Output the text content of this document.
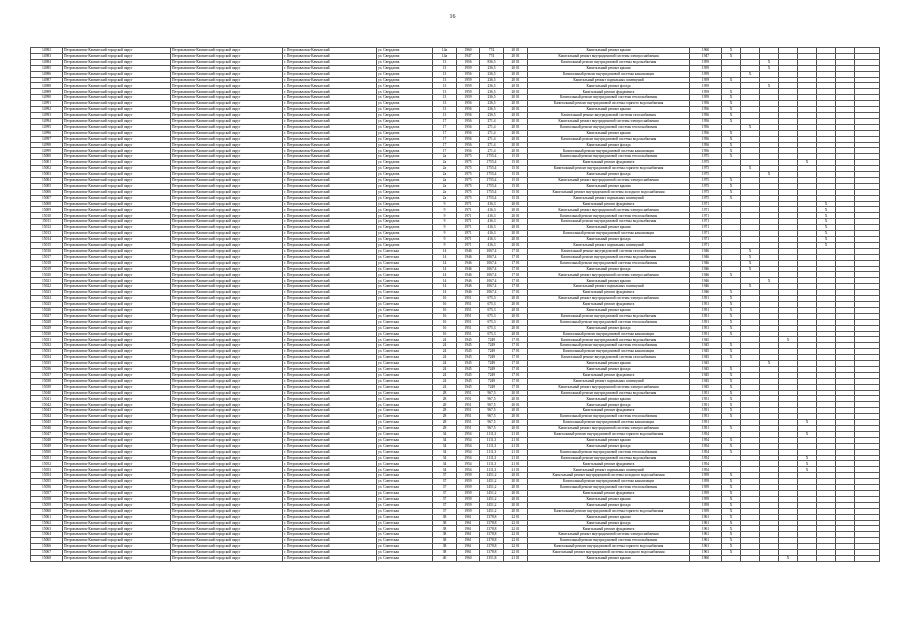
16
14982	Петропавловск-Камчатский городской округ	Петропавловск-Камчатский городской округ	г. Петропавловск-Камчатский	ул. Свердлова	14а	1960	774	20 01	Капитальный ремонт крыши	1960	X							
14983	Петропавловск-Камчатский городской округ	Петропавловск-Камчатский городской округ	г. Петропавловск-Камчатский	ул. Свердлова	14а	1947	774	20 01	Капитальный ремонт внутридомовой системы электроснабжения	1947	X							
14984	Петропавловск-Камчатский городской округ	Петропавловск-Камчатский городской округ	г. Петропавловск-Камчатский	ул. Свердлова	13	1956	836,5	20 01	Капитальный ремонт внутридомовой системы водоснабжения	1959			X					
14985	Петропавловск-Камчатский городской округ	Петропавловск-Камчатский городской округ	г. Петропавловск-Камчатский	ул. Свердлова	13	1959	236,5	20 01	Капитальный ремонт крыши	1959			X					
14986	Петропавловск-Камчатский городской округ	Петропавловск-Камчатский городской округ	г. Петропавловск-Камчатский	ул. Свердлова	13	1956	236,5	20 01	Капитальный ремонт внутридомовой системы канализации	1959		X						
14987	Петропавловск-Камчатский городской округ	Петропавловск-Камчатский городской округ	г. Петропавловск-Камчатский	ул. Свердлова	13	1959	236,5	20 01	Капитальный ремонт подвальных помещений	1959	X							
14988	Петропавловск-Камчатский городской округ	Петропавловск-Камчатский городской округ	г. Петропавловск-Камчатский	ул. Свердлова	13	1959	236,5	20 01	Капитальный ремонт фасада	1959			X					
14989	Петропавловск-Камчатский городской округ	Петропавловск-Камчатский городской округ	г. Петропавловск-Камчатский	ул. Свердлова	13	1959	236,5	20 01	Капитальный ремонт фундамента	1959	X							
14990	Петропавловск-Камчатский городской округ	Петропавловск-Камчатский городской округ	г. Петропавловск-Камчатский	ул. Свердлова	13	1959	236,5	20 01	Капитальный ремонт внутридомовой системы теплоснабжения	1959	X							
14991	Петропавловск-Камчатский городской округ	Петропавловск-Камчатский городской округ	г. Петропавловск-Камчатский	ул. Свердлова	13	1956	236,5	20 01	Капитальный ремонт внутридомовой системы горячего водоснабжения	1956	X							
14992	Петропавловск-Камчатский городской округ	Петропавловск-Камчатский городской округ	г. Петропавловск-Камчатский	ул. Свердлова	13	1956	236,5	20 01	Капитальный ремонт крыши	1956	X							
14993	Петропавловск-Камчатский городской округ	Петропавловск-Камчатский городской округ	г. Петропавловск-Камчатский	ул. Свердлова	13	1956	236,5	20 01	Капитальный ремонт внутридомовой системы газоснабжения	1956	X							
14994	Петропавловск-Камчатский городской округ	Петропавловск-Камчатский городской округ	г. Петропавловск-Камчатский	ул. Свердлова	17	1956	271,4	20 01	Капитальный ремонт внутридомовой системы электроснабжения	1956	X							
14995	Петропавловск-Камчатский городской округ	Петропавловск-Камчатский городской округ	г. Петропавловск-Камчатский	ул. Свердлова	17	1956	271,4	20 01	Капитальный ремонт внутридомовой системы теплоснабжения	1956		X						
14996	Петропавловск-Камчатский городской округ	Петропавловск-Камчатский городской округ	г. Петропавловск-Камчатский	ул. Свердлова	17	1956	271,4	20 01	Капитальный ремонт крыши	1956	X							
14997	Петропавловск-Камчатский городской округ	Петропавловск-Камчатский городской округ	г. Петропавловск-Камчатский	ул. Свердлова	17	1956	271,4	20 01	Капитальный ремонт внутридомовой системы водоснабжения	1956	X							
14998	Петропавловск-Камчатский городской округ	Петропавловск-Камчатский городской округ	г. Петропавловск-Камчатский	ул. Свердлова	17	1956	271,4	20 01	Капитальный ремонт фасада	1956	X							
14999	Петропавловск-Камчатский городской округ	Петропавловск-Камчатский городской округ	г. Петропавловск-Камчатский	ул. Свердлова	17	1956	271,4	20 01	Капитальный ремонт внутридомовой системы канализации	1956	X							
15000	Петропавловск-Камчатский городской округ	Петропавловск-Камчатский городской округ	г. Петропавловск-Камчатский	ул. Свердлова	2а	1975	1755,4	15 01	Капитальный ремонт внутридомовой системы теплоснабжения	1975	X							
15001	Петропавловск-Камчатский городской округ	Петропавловск-Камчатский городской округ	г. Петропавловск-Камчатский	ул. Свердлова	2а	1975	1755,4	15 01	Капитальный ремонт фундамента	1975					X			
15002	Петропавловск-Камчатский городской округ	Петропавловск-Камчатский городской округ	г. Петропавловск-Камчатский	ул. Свердлова	2а	1975	1755,4	15 01	Капитальный ремонт внутридомовой системы горячего водоснабжения	1975		X						
15003	Петропавловск-Камчатский городской округ	Петропавловск-Камчатский городской округ	г. Петропавловск-Камчатский	ул. Свердлова	2а	1975	1755,4	15 01	Капитальный ремонт фасада	1975			X					
15004	Петропавловск-Камчатский городской округ	Петропавловск-Камчатский городской округ	г. Петропавловск-Камчатский	ул. Свердлова	2а	1975	1755,4	15 01	Капитальный ремонт внутридомовой системы электроснабжения	1975	X							
15005	Петропавловск-Камчатский городской округ	Петропавловск-Камчатский городской округ	г. Петропавловск-Камчатский	ул. Свердлова	2а	1975	1755,4	15 01	Капитальный ремонт крыши	1975	X							
15006	Петропавловск-Камчатский городской округ	Петропавловск-Камчатский городской округ	г. Петропавловск-Камчатский	ул. Свердлова	2а	1975	1755,4	15 01	Капитальный ремонт внутридомовой системы холодного водоснабжения	1975	X							
15007	Петропавловск-Камчатский городской округ	Петропавловск-Камчатский городской округ	г. Петропавловск-Камчатский	ул. Свердлова	2а	1975	1755,4	15 01	Капитальный ремонт подвальных помещений	1975	X							
15008	Петропавловск-Камчатский городской округ	Петропавловск-Камчатский городской округ	г. Петропавловск-Камчатский	ул. Свердлова	9	1971	416,3	20 01	Капитальный ремонт фундамента	1971						X		
15009	Петропавловск-Камчатский городской округ	Петропавловск-Камчатский городской округ	г. Петропавловск-Камчатский	ул. Свердлова	9	1971	416,3	20 01	Капитальный ремонт внутридомовой системы электроснабжения	1971						X		
15010	Петропавловск-Камчатский городской округ	Петропавловск-Камчатский городской округ	г. Петропавловск-Камчатский	ул. Свердлова	9	1971	416,3	20 01	Капитальный ремонт внутридомовой системы теплоснабжения	1971						X		
15011	Петропавловск-Камчатский городской округ	Петропавловск-Камчатский городской округ	г. Петропавловск-Камчатский	ул. Свердлова	9	1971	416,3	20 01	Капитальный ремонт внутридомовой системы водоснабжения	1971						X		
15012	Петропавловск-Камчатский городской округ	Петропавловск-Камчатский городской округ	г. Петропавловск-Камчатский	ул. Свердлова	9	1971	416,3	20 01	Капитальный ремонт крыши	1971						X		
15013	Петропавловск-Камчатский городской округ	Петропавловск-Камчатский городской округ	г. Петропавловск-Камчатский	ул. Свердлова	9	1971	416,3	20 01	Капитальный ремонт внутридомовой системы канализации	1971						X		
15014	Петропавловск-Камчатский городской округ	Петропавловск-Камчатский городской округ	г. Петропавловск-Камчатский	ул. Свердлова	9	1971	416,3	20 01	Капитальный ремонт фасада	1971						X		
15015	Петропавловск-Камчатский городской округ	Петропавловск-Камчатский городской округ	г. Петропавловск-Камчатский	ул. Свердлова	9	1971	416,3	20 01	Капитальный ремонт подвальных помещений	1971						X		
15016	Петропавловск-Камчатский городской округ	Петропавловск-Камчатский городской округ	г. Петропавловск-Камчатский	ул. Советская	14	1946	1067,4	17 01	Капитальный ремонт внутридомовой системы газоснабжения	1946		X						
15017	Петропавловск-Камчатский городской округ	Петропавловск-Камчатский городской округ	г. Петропавловск-Камчатский	ул. Советская	14	1946	1067,4	17 01	Капитальный ремонт внутридомовой системы водоснабжения	1946		X						
15018	Петропавловск-Камчатский городской округ	Петропавловск-Камчатский городской округ	г. Петропавловск-Камчатский	ул. Советская	14	1946	1067,4	17 01	Капитальный ремонт внутридомовой системы теплоснабжения	1946		X						
15019	Петропавловск-Камчатский городской округ	Петропавловск-Камчатский городской округ	г. Петропавловск-Камчатский	ул. Советская	14	1946	1067,4	17 01	Капитальный ремонт фасада	1946		X						
15020	Петропавловск-Камчатский городской округ	Петропавловск-Камчатский городской округ	г. Петропавловск-Камчатский	ул. Советская	14	1946	1067,4	17 01	Капитальный ремонт внутридомовой системы электроснабжения	1946	X							
15021	Петропавловск-Камчатский городской округ	Петропавловск-Камчатский городской округ	г. Петропавловск-Камчатский	ул. Советская	14	1946	1067,4	17 01	Капитальный ремонт крыши	1946			X					
15022	Петропавловск-Камчатский городской округ	Петропавловск-Камчатский городской округ	г. Петропавловск-Камчатский	ул. Советская	14	1946	1067,4	17 01	Капитальный ремонт подвальных помещений	1946		X						
15023	Петропавловск-Камчатский городской округ	Петропавловск-Камчатский городской округ	г. Петропавловск-Камчатский	ул. Советская	14	1946	1067,4	17 01	Капитальный ремонт фундамента	1946	X							
15024	Петропавловск-Камчатский городской округ	Петропавловск-Камчатский городской округ	г. Петропавловск-Камчатский	ул. Советская	16	1951	675,3	20 01	Капитальный ремонт внутридомовой системы электроснабжения	1951	X							
15025	Петропавловск-Камчатский городской округ	Петропавловск-Камчатский городской округ	г. Петропавловск-Камчатский	ул. Советская	16	1951	675,3	20 01	Капитальный ремонт фундамента	1951	X							
15026	Петропавловск-Камчатский городской округ	Петропавловск-Камчатский городской округ	г. Петропавловск-Камчатский	ул. Советская	16	1951	675,3	20 01	Капитальный ремонт крыши	1951	X							
15027	Петропавловск-Камчатский городской округ	Петропавловск-Камчатский городской округ	г. Петропавловск-Камчатский	ул. Советская	16	1951	675,3	20 01	Капитальный ремонт внутридомовой системы водоснабжения	1951	X							
15028	Петропавловск-Камчатский городской округ	Петропавловск-Камчатский городской округ	г. Петропавловск-Камчатский	ул. Советская	16	1951	675,3	20 01	Капитальный ремонт внутридомовой системы теплоснабжения	1951	X							
15029	Петропавловск-Камчатский городской округ	Петропавловск-Камчатский городской округ	г. Петропавловск-Камчатский	ул. Советская	16	1951	675,3	20 01	Капитальный ремонт фасада	1951	X							
15030	Петропавловск-Камчатский городской округ	Петропавловск-Камчатский городской округ	г. Петропавловск-Камчатский	ул. Советская	16	1951	675,3	20 01	Капитальный ремонт внутридомовой системы канализации	1951	X							
15031	Петропавловск-Камчатский городской округ	Петропавловск-Камчатский городской округ	г. Петропавловск-Камчатский	ул. Советская	24	1945	7249	17 01	Капитальный ремонт внутридомовой системы водоснабжения	1945				X				
15032	Петропавловск-Камчатский городской округ	Петропавловск-Камчатский городской округ	г. Петропавловск-Камчатский	ул. Советская	24	1945	7249	17 01	Капитальный ремонт внутридомовой системы теплоснабжения	1945	X							
15033	Петропавловск-Камчатский городской округ	Петропавловск-Камчатский городской округ	г. Петропавловск-Камчатский	ул. Советская	24	1945	7249	17 01	Капитальный ремонт внутридомовой системы канализации	1945	X							
15034	Петропавловск-Камчатский городской округ	Петропавловск-Камчатский городской округ	г. Петропавловск-Камчатский	ул. Советская	24	1945	7249	17 01	Капитальный ремонт внутридомовой системы газоснабжения	1945	X							
15035	Петропавловск-Камчатский городской округ	Петропавловск-Камчатский городской округ	г. Петропавловск-Камчатский	ул. Советская	24	1945	7249	17 01	Капитальный ремонт крыши	1945			X					
15036	Петропавловск-Камчатский городской округ	Петропавловск-Камчатский городской округ	г. Петропавловск-Камчатский	ул. Советская	24	1945	7249	17 01	Капитальный ремонт фасада	1945	X							
15037	Петропавловск-Камчатский городской округ	Петропавловск-Камчатский городской округ	г. Петропавловск-Камчатский	ул. Советская	24	1945	7249	17 01	Капитальный ремонт фундамента	1945	X							
15038	Петропавловск-Камчатский городской округ	Петропавловск-Камчатский городской округ	г. Петропавловск-Камчатский	ул. Советская	24	1945	7249	17 01	Капитальный ремонт подвальных помещений	1945	X							
15039	Петропавловск-Камчатский городской округ	Петропавловск-Камчатский городской округ	г. Петропавловск-Камчатский	ул. Советская	24	1945	7249	17 01	Капитальный ремонт внутридомовой системы электроснабжения	1945	X							
15040	Петропавловск-Камчатский городской округ	Петропавловск-Камчатский городской округ	г. Петропавловск-Камчатский	ул. Советская	28	1951	967,5	20 01	Капитальный ремонт внутридомовой системы водоснабжения	1951	X							
15041	Петропавловск-Камчатский городской округ	Петропавловск-Камчатский городской округ	г. Петропавловск-Камчатский	ул. Советская	28	1951	967,5	20 01	Капитальный ремонт крыши	1951	X							
15042	Петропавловск-Камчатский городской округ	Петропавловск-Камчатский городской округ	г. Петропавловск-Камчатский	ул. Советская	28	1951	967,5	20 01	Капитальный ремонт фасада	1951	X							
15043	Петропавловск-Камчатский городской округ	Петропавловск-Камчатский городской округ	г. Петропавловск-Камчатский	ул. Советская	28	1951	967,5	20 01	Капитальный ремонт фундамента	1951	X							
15044	Петропавловск-Камчатский городской округ	Петропавловск-Камчатский городской округ	г. Петропавловск-Камчатский	ул. Советская	28	1951	967,5	20 01	Капитальный ремонт внутридомовой системы теплоснабжения	1951	X							
15045	Петропавловск-Камчатский городской округ	Петропавловск-Камчатский городской округ	г. Петропавловск-Камчатский	ул. Советская	28	1951	967,5	20 01	Капитальный ремонт внутридомовой системы канализации	1951					X			
15046	Петропавловск-Камчатский городской округ	Петропавловск-Камчатский городской округ	г. Петропавловск-Камчатский	ул. Советская	28	1951	967,5	20 01	Капитальный ремонт внутридомовой системы электроснабжения	1951	X							
15047	Петропавловск-Камчатский городской округ	Петропавловск-Камчатский городской округ	г. Петропавловск-Камчатский	ул. Советская	34	1954	1111,3	21 01	Капитальный ремонт внутридомовой системы горячего водоснабжения	1954					X			
15048	Петропавловск-Камчатский городской округ	Петропавловск-Камчатский городской округ	г. Петропавловск-Камчатский	ул. Советская	34	1954	1111,3	21 01	Капитальный ремонт крыши	1954	X							
15049	Петропавловск-Камчатский городской округ	Петропавловск-Камчатский городской округ	г. Петропавловск-Камчатский	ул. Советская	34	1954	1111,3	21 01	Капитальный ремонт фасада	1954	X							
15050	Петропавловск-Камчатский городской округ	Петропавловск-Камчатский городской округ	г. Петропавловск-Камчатский	ул. Советская	34	1954	1111,3	21 01	Капитальный ремонт внутридомовой системы теплоснабжения	1954	X							
15051	Петропавловск-Камчатский городской округ	Петропавловск-Камчатский городской округ	г. Петропавловск-Камчатский	ул. Советская	34	1954	1111,3	21 01	Капитальный ремонт внутридомовой системы водоснабжения	1954					X			
15052	Петропавловск-Камчатский городской округ	Петропавловск-Камчатский городской округ	г. Петропавловск-Камчатский	ул. Советская	34	1954	1111,3	21 01	Капитальный ремонт фундамента	1954					X			
15053	Петропавловск-Камчатский городской округ	Петропавловск-Камчатский городской округ	г. Петропавловск-Камчатский	ул. Советская	34	1954	1111,3	21 01	Капитальный ремонт подвальных помещений	1954					X			
15054	Петропавловск-Камчатский городской округ	Петропавловск-Камчатский городской округ	г. Петропавловск-Камчатский	ул. Советская	37	1959	1451,2	20 01	Капитальный ремонт внутридомовой системы холодного водоснабжения	1959	X							
15055	Петропавловск-Камчатский городской округ	Петропавловск-Камчатский городской округ	г. Петропавловск-Камчатский	ул. Советская	37	1959	1451,2	20 01	Капитальный ремонт внутридомовой системы канализации	1959	X							
15056	Петропавловск-Камчатский городской округ	Петропавловск-Камчатский городской округ	г. Петропавловск-Камчатский	ул. Советская	37	1959	1451,2	20 01	Капитальный ремонт внутридомовой системы теплоснабжения	1959	X							
15057	Петропавловск-Камчатский городской округ	Петропавловск-Камчатский городской округ	г. Петропавловск-Камчатский	ул. Советская	37	1959	1451,2	20 01	Капитальный ремонт фундамента	1959	X							
15058	Петропавловск-Камчатский городской округ	Петропавловск-Камчатский городской округ	г. Петропавловск-Камчатский	ул. Советская	37	1959	1451,2	20 01	Капитальный ремонт крыши	1959	X							
15059	Петропавловск-Камчатский городской округ	Петропавловск-Камчатский городской округ	г. Петропавловск-Камчатский	ул. Советская	37	1959	1451,2	20 01	Капитальный ремонт фасада	1959	X							
15060	Петропавловск-Камчатский городской округ	Петропавловск-Камчатский городской округ	г. Петропавловск-Камчатский	ул. Советская	37	1959	1451,2	20 01	Капитальный ремонт внутридомовой системы горячего водоснабжения	1959	X							
15061	Петропавловск-Камчатский городской округ	Петропавловск-Камчатский городской округ	г. Петропавловск-Камчатский	ул. Советская	38	1961	1378,8	22 01	Капитальный ремонт крыши	1961	X							
15062	Петропавловск-Камчатский городской округ	Петропавловск-Камчатский городской округ	г. Петропавловск-Камчатский	ул. Советская	38	1961	1378,8	22 01	Капитальный ремонт фасада	1961	X							
15063	Петропавловск-Камчатский городской округ	Петропавловск-Камчатский городской округ	г. Петропавловск-Камчатский	ул. Советская	38	1961	1378,8	22 01	Капитальный ремонт фундамента	1961	X							
15064	Петропавловск-Камчатский городской округ	Петропавловск-Камчатский городской округ	г. Петропавловск-Камчатский	ул. Советская	38	1961	1378,8	22 01	Капитальный ремонт внутридомовой системы электроснабжения	1961	X							
15065	Петропавловск-Камчатский городской округ	Петропавловск-Камчатский городской округ	г. Петропавловск-Камчатский	ул. Советская	38	1961	1378,8	22 01	Капитальный ремонт внутридомовой системы теплоснабжения	1961	X							
15066	Петропавловск-Камчатский городской округ	Петропавловск-Камчатский городской округ	г. Петропавловск-Камчатский	ул. Советская	38	1961	1378,8	22 01	Капитальный ремонт внутридомовой системы горячего водоснабжения	1961	X							
15067	Петропавловск-Камчатский городской округ	Петропавловск-Камчатский городской округ	г. Петропавловск-Камчатский	ул. Советская	38	1961	1378,8	22 01	Капитальный ремонт внутридомовой системы холодного водоснабжения	1961	X							
15068	Петропавловск-Камчатский городской округ	Петропавловск-Камчатский городской округ	г. Петропавловск-Камчатский	ул. Советская	40	1960	1351,8	21 01	Капитальный ремонт крыши	1960				X				
